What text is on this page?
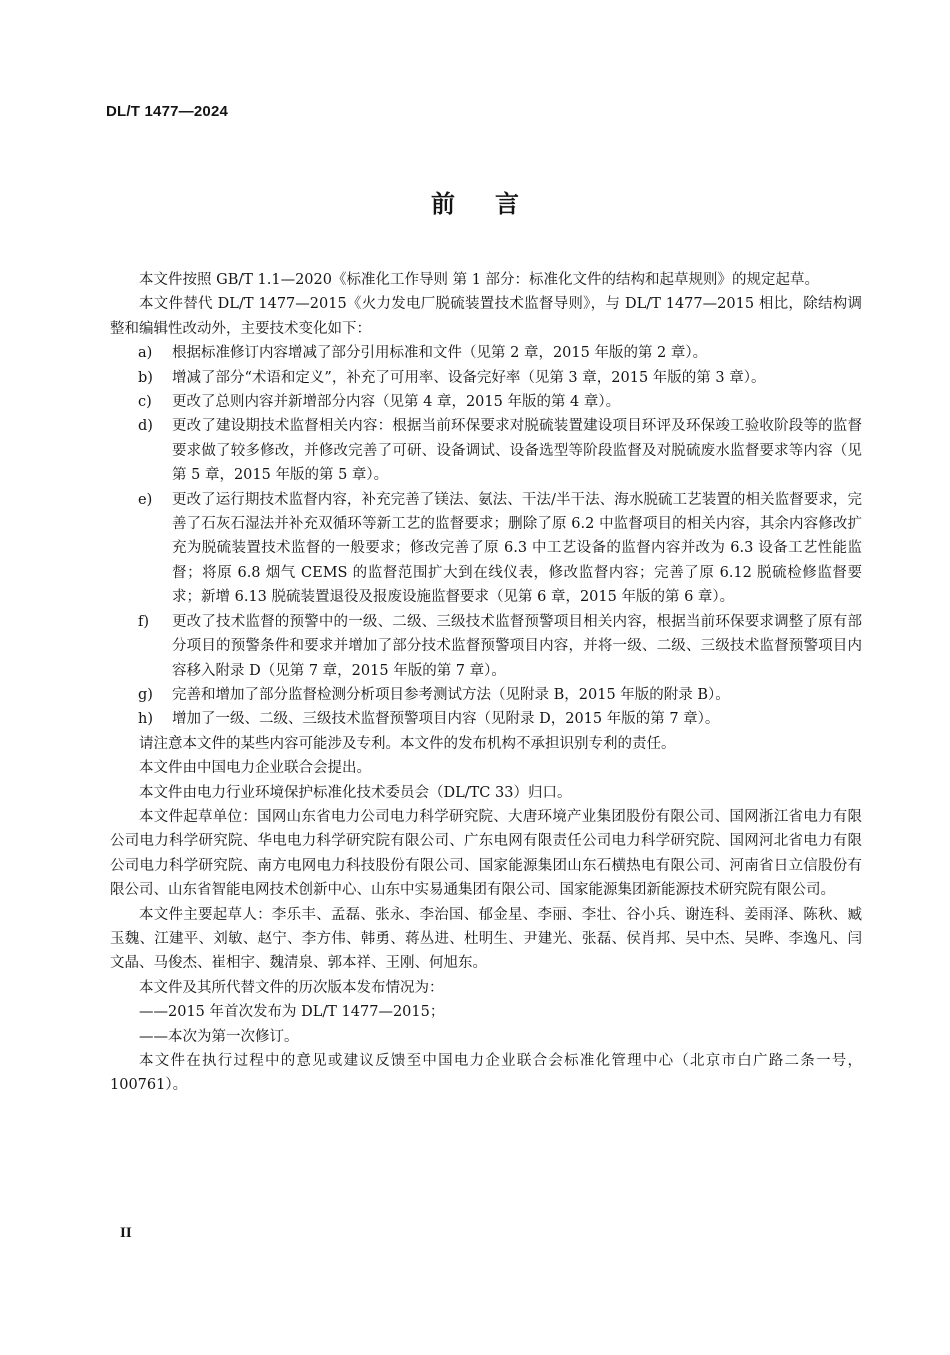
DL/T 1477—2024
前言

本文件按照 GB/T 1.1—2020《标准化工作导则 第 1 部分：标准化文件的结构和起草规则》的规定起草。

本文件替代 DL/T 1477—2015《火力发电厂脱硫装置技术监督导则》，与 DL/T 1477—2015 相比，除结构调整和编辑性改动外，主要技术变化如下：

a)	根据标准修订内容增减了部分引用标准和文件（见第 2 章，2015 年版的第 2 章）。
b)	增减了部分“术语和定义”，补充了可用率、设备完好率（见第 3 章，2015 年版的第 3 章）。
c)	更改了总则内容并新增部分内容（见第 4 章，2015 年版的第 4 章）。
d)	更改了建设期技术监督相关内容：根据当前环保要求对脱硫装置建设项目环评及环保竣工验收阶段等的监督要求做了较多修改，并修改完善了可研、设备调试、设备选型等阶段监督及对脱硫废水监督要求等内容（见第 5 章，2015 年版的第 5 章）。
e)	更改了运行期技术监督内容，补充完善了镁法、氨法、干法/半干法、海水脱硫工艺装置的相关监督要求，完善了石灰石湿法并补充双循环等新工艺的监督要求；删除了原 6.2 中监督项目的相关内容，其余内容修改扩充为脱硫装置技术监督的一般要求；修改完善了原 6.3 中工艺设备的监督内容并改为 6.3 设备工艺性能监督；将原 6.8 烟气 CEMS 的监督范围扩大到在线仪表，修改监督内容；完善了原 6.12 脱硫检修监督要求；新增 6.13 脱硫装置退役及报废设施监督要求（见第 6 章，2015 年版的第 6 章）。
f)	更改了技术监督的预警中的一级、二级、三级技术监督预警项目相关内容，根据当前环保要求调整了原有部分项目的预警条件和要求并增加了部分技术监督预警项目内容，并将一级、二级、三级技术监督预警项目内容移入附录 D（见第 7 章，2015 年版的第 7 章）。
g)	完善和增加了部分监督检测分析项目参考测试方法（见附录 B，2015 年版的附录 B）。
h)	增加了一级、二级、三级技术监督预警项目内容（见附录 D，2015 年版的第 7 章）。

请注意本文件的某些内容可能涉及专利。本文件的发布机构不承担识别专利的责任。

本文件由中国电力企业联合会提出。

本文件由电力行业环境保护标准化技术委员会（DL/TC 33）归口。

本文件起草单位：国网山东省电力公司电力科学研究院、大唐环境产业集团股份有限公司、国网浙江省电力有限公司电力科学研究院、华电电力科学研究院有限公司、广东电网有限责任公司电力科学研究院、国网河北省电力有限公司电力科学研究院、南方电网电力科技股份有限公司、国家能源集团山东石横热电有限公司、河南省日立信股份有限公司、山东省智能电网技术创新中心、山东中实易通集团有限公司、国家能源集团新能源技术研究院有限公司。

本文件主要起草人：李乐丰、孟磊、张永、李治国、郁金星、李丽、李壮、谷小兵、谢连科、姜雨泽、陈秋、臧玉魏、江建平、刘敏、赵宁、李方伟、韩勇、蒋丛进、杜明生、尹建光、张磊、侯肖邦、吴中杰、吴晔、李逸凡、闫文晶、马俊杰、崔相宇、魏清泉、郭本祥、王刚、何旭东。

本文件及其所代替文件的历次版本发布情况为：

——2015 年首次发布为 DL/T 1477—2015；

——本次为第一次修订。

本文件在执行过程中的意见或建议反馈至中国电力企业联合会标准化管理中心（北京市白广路二条一号，100761）。

II
